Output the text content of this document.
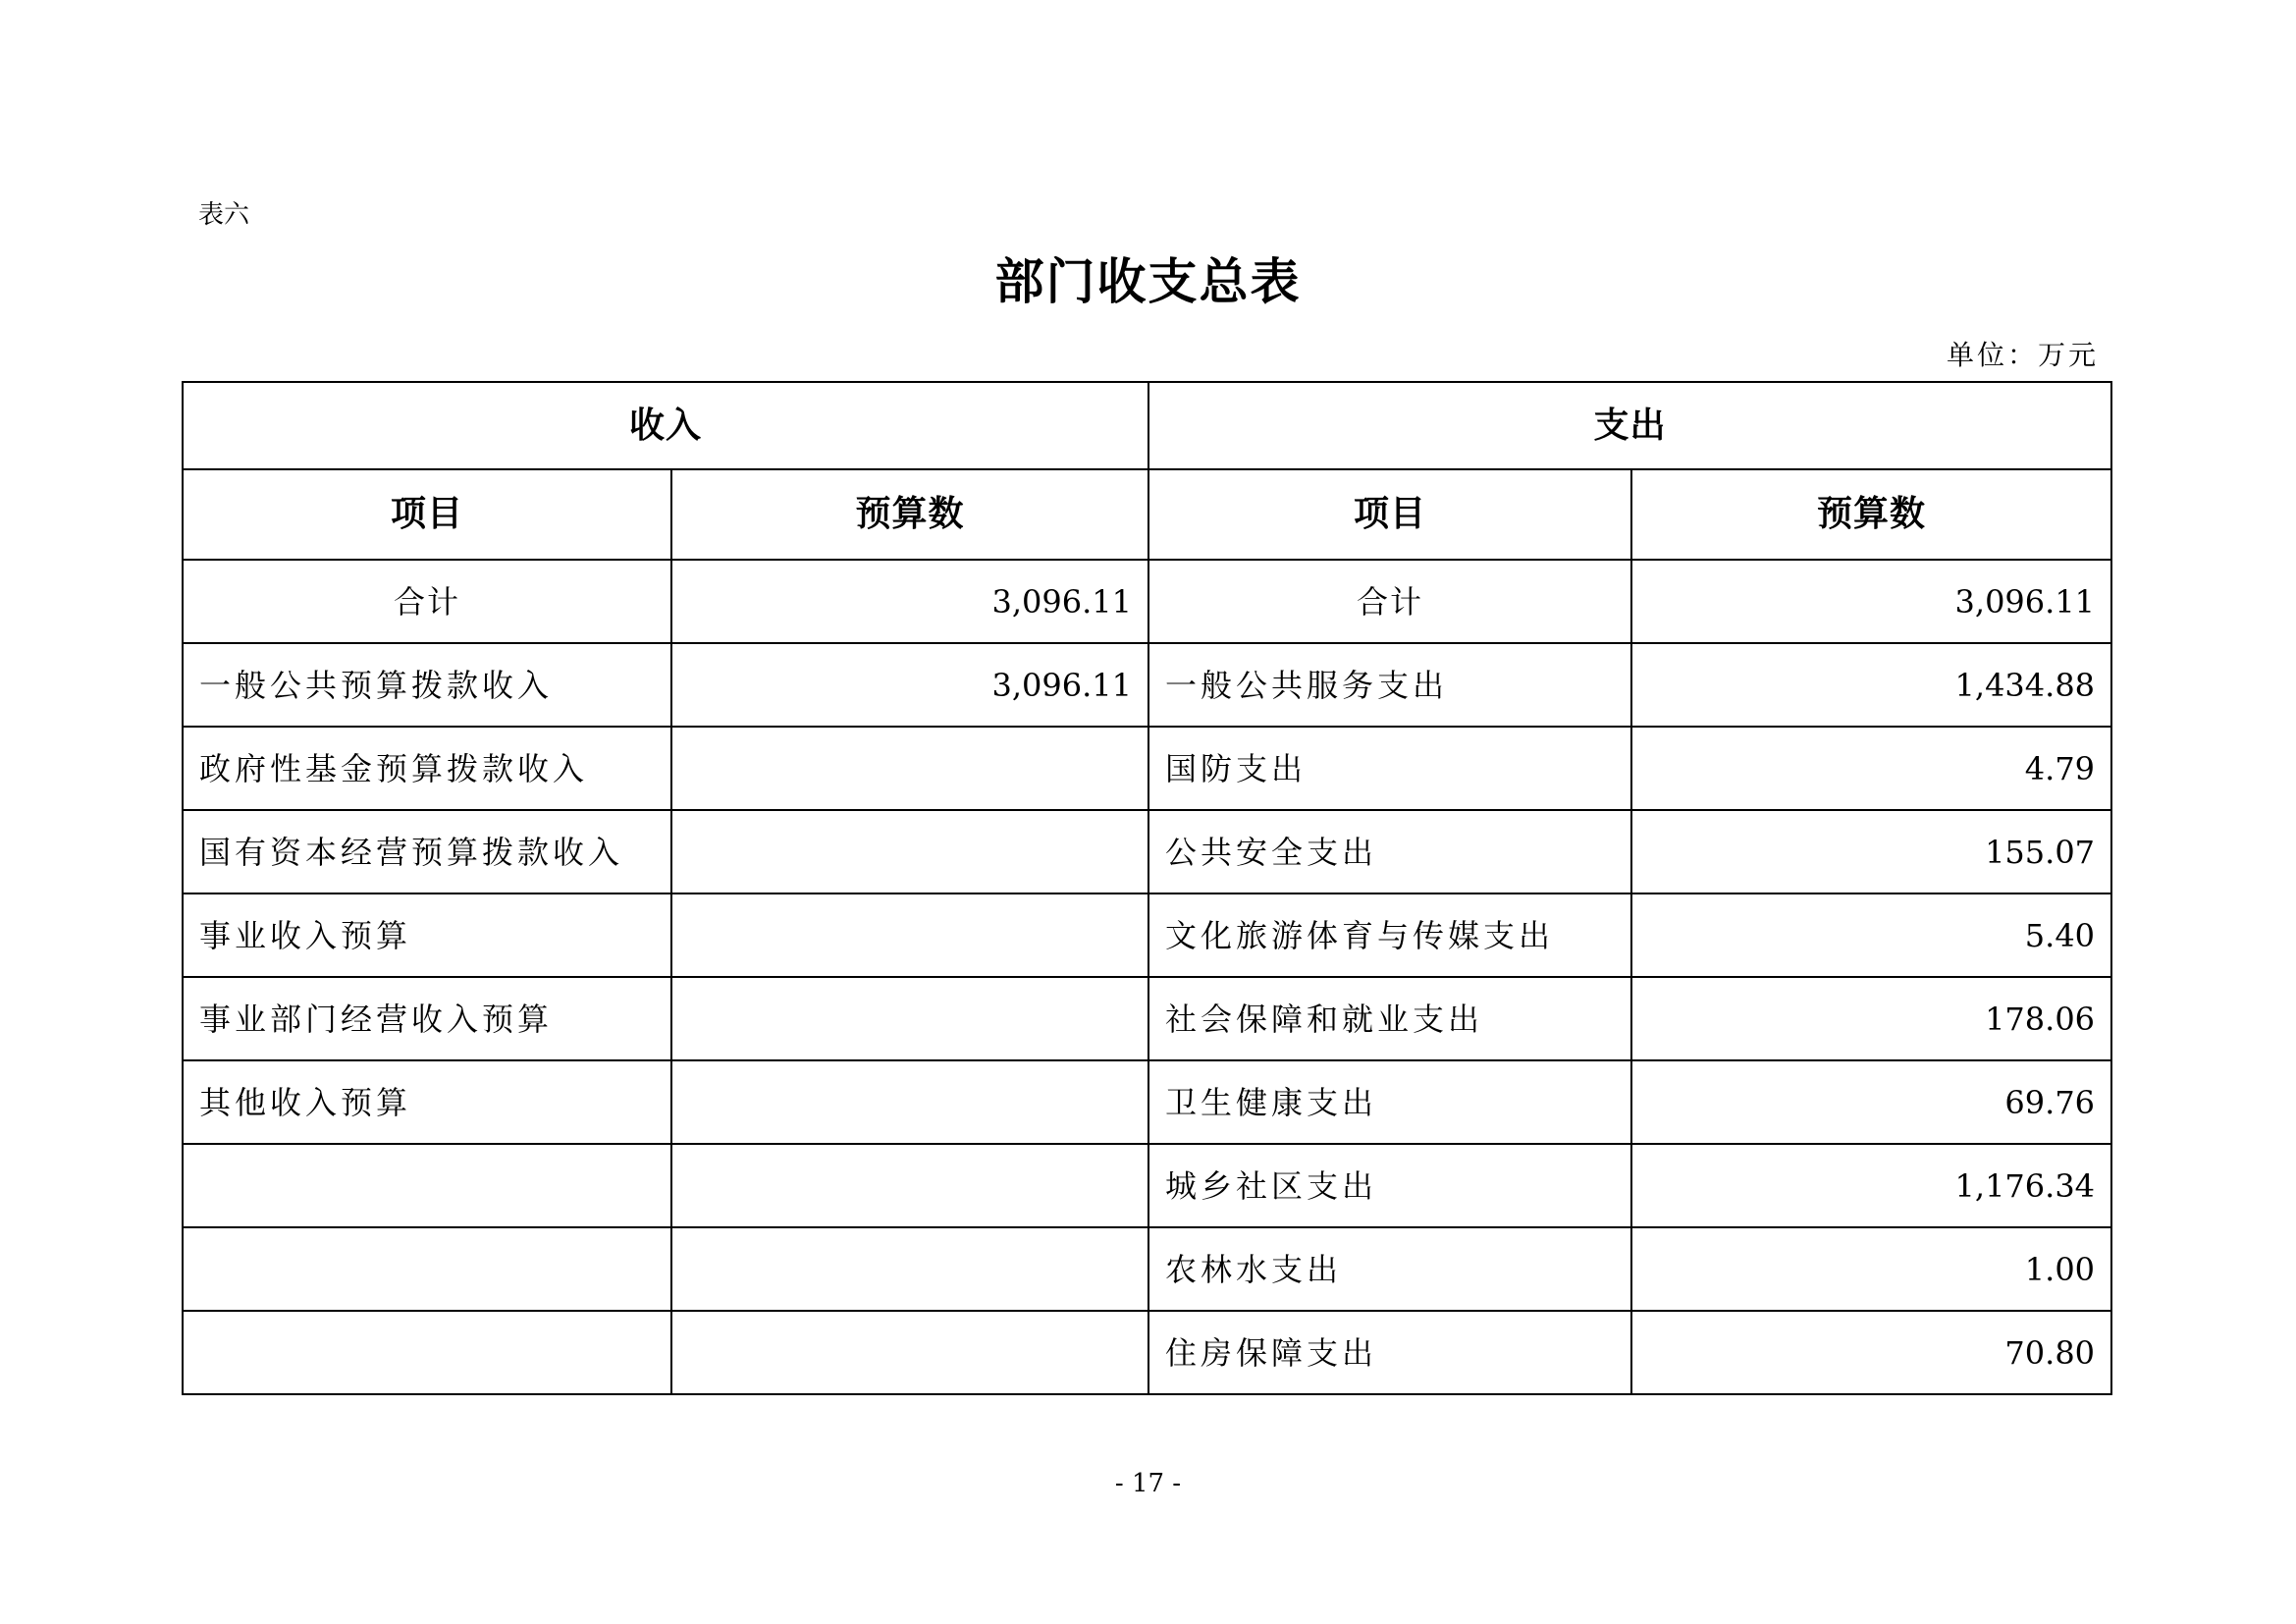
表六
部门收支总表
单位：万元
收入		支出	
项目	预算数	项目	预算数
合计	3,096.11	合计	3,096.11
一般公共预算拨款收入	3,096.11	一般公共服务支出	1,434.88
政府性基金预算拨款收入		国防支出	4.79
国有资本经营预算拨款收入		公共安全支出	155.07
事业收入预算		文化旅游体育与传媒支出	5.40
事业部门经营收入预算		社会保障和就业支出	178.06
其他收入预算		卫生健康支出	69.76
		城乡社区支出	1,176.34
		农林水支出	1.00
		住房保障支出	70.80
- 17 -
